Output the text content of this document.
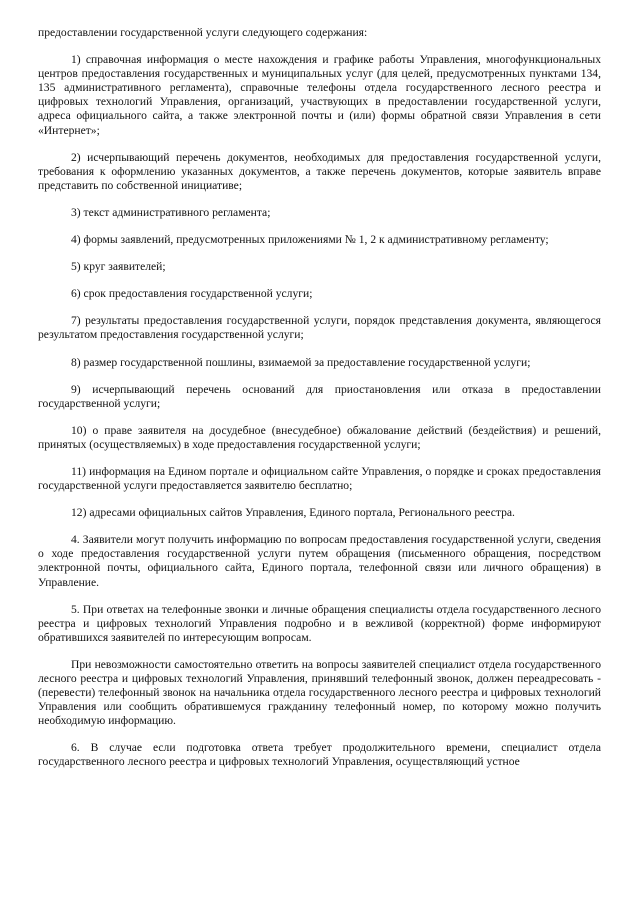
предоставлении государственной услуги следующего содержания:

1) справочная информация о месте нахождения и графике работы Управления, многофункциональных центров предоставления государственных и муниципальных услуг (для целей, предусмотренных пунктами 134, 135 административного регламента), справочные телефоны отдела государственного лесного реестра и цифровых технологий Управления, организаций, участвующих в предоставлении государственной услуги, адреса официального сайта, а также электронной почты и (или) формы обратной связи Управления в сети «Интернет»;

2) исчерпывающий перечень документов, необходимых для предоставления государственной услуги, требования к оформлению указанных документов, а также перечень документов, которые заявитель вправе представить по собственной инициативе;

3) текст административного регламента;

4) формы заявлений, предусмотренных приложениями № 1, 2 к административному регламенту;

5) круг заявителей;

6) срок предоставления государственной услуги;

7) результаты предоставления государственной услуги, порядок представления документа, являющегося результатом предоставления государственной услуги;

8) размер государственной пошлины, взимаемой за предоставление государственной услуги;

9) исчерпывающий перечень оснований для приостановления или отказа в предоставлении государственной услуги;

10) о праве заявителя на досудебное (внесудебное) обжалование действий (бездействия) и решений, принятых (осуществляемых) в ходе предоставления государственной услуги;

11) информация на Едином портале и официальном сайте Управления, о порядке и сроках предоставления государственной услуги предоставляется заявителю бесплатно;

12) адресами официальных сайтов Управления, Единого портала, Регионального реестра.

4. Заявители могут получить информацию по вопросам предоставления государственной услуги, сведения о ходе предоставления государственной услуги путем обращения (письменного обращения, посредством электронной почты, официального сайта, Единого портала, телефонной связи или личного обращения) в Управление.

5. При ответах на телефонные звонки и личные обращения специалисты отдела государственного лесного реестра и цифровых технологий Управления подробно и в вежливой (корректной) форме информируют обратившихся заявителей по интересующим вопросам.

При невозможности самостоятельно ответить на вопросы заявителей специалист отдела государственного лесного реестра и цифровых технологий Управления, принявший телефонный звонок, должен переадресовать - (перевести) телефонный звонок на начальника отдела государственного лесного реестра и цифровых технологий Управления или сообщить обратившемуся гражданину телефонный номер, по которому можно получить необходимую информацию.

6. В случае если подготовка ответа требует продолжительного времени, специалист отдела государственного лесного реестра и цифровых технологий Управления, осуществляющий устное
